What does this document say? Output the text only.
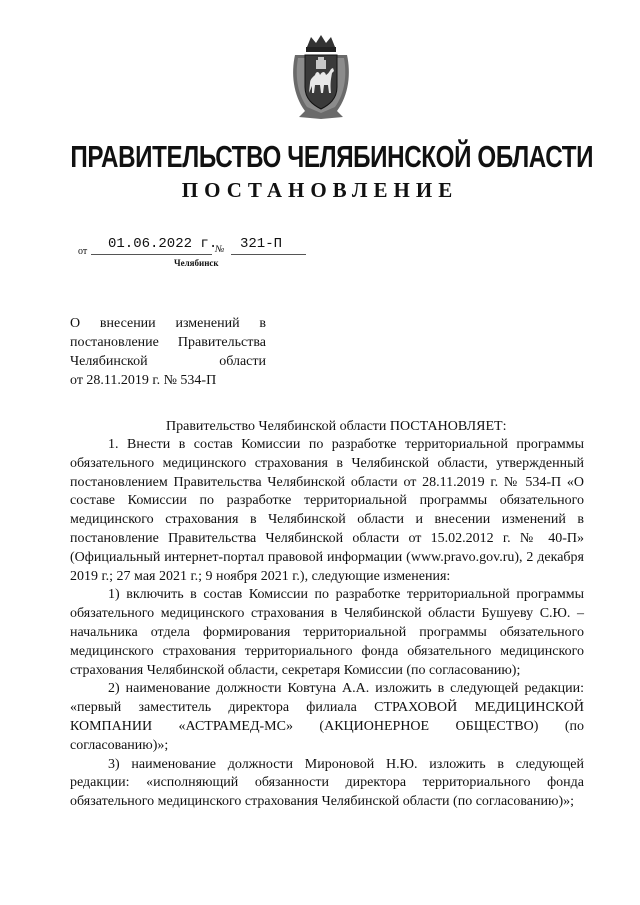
ПРАВИТЕЛЬСТВО ЧЕЛЯБИНСКОЙ ОБЛАСТИ
ПОСТАНОВЛЕНИЕ
от 01.06.2022 г.
№ 321-П
Челябинск
О внесении изменений в
постановление Правительства
Челябинской области
от 28.11.2019 г. № 534-П
Правительство Челябинской области ПОСТАНОВЛЯЕТ:

1. Внести в состав Комиссии по разработке территориальной программы обязательного медицинского страхования в Челябинской области, утвержденный постановлением Правительства Челябинской области от 28.11.2019 г. № 534-П «О составе Комиссии по разработке территориальной программы обязательного медицинского страхования в Челябинской области и внесении изменений в постановление Правительства Челябинской области от 15.02.2012 г. № 40-П» (Официальный интернет-портал правовой информации (www.pravo.gov.ru), 2 декабря 2019 г.; 27 мая 2021 г.; 9 ноября 2021 г.), следующие изменения:

1) включить в состав Комиссии по разработке территориальной программы обязательного медицинского страхования в Челябинской области Бушуеву С.Ю. – начальника отдела формирования территориальной программы обязательного медицинского страхования территориального фонда обязательного медицинского страхования Челябинской области, секретаря Комиссии (по согласованию);

2) наименование должности Ковтуна А.А. изложить в следующей редакции: «первый заместитель директора филиала СТРАХОВОЙ МЕДИЦИНСКОЙ КОМПАНИИ «АСТРАМЕД-МС» (АКЦИОНЕРНОЕ ОБЩЕСТВО) (по согласованию)»;

3) наименование должности Мироновой Н.Ю. изложить в следующей редакции: «исполняющий обязанности директора территориального фонда обязательного медицинского страхования Челябинской области (по согласованию)»;
